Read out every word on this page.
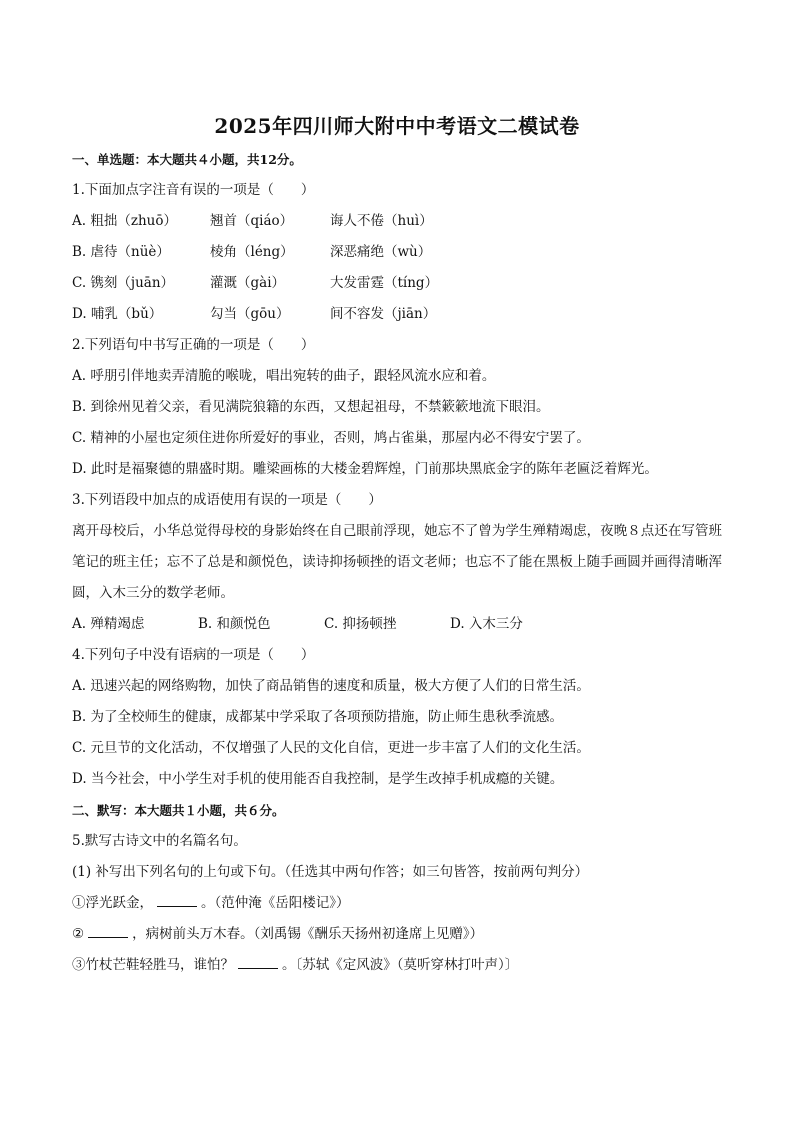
2025年四川师大附中中考语文二模试卷
一、单选题：本大题共４小题，共12分。
1.下面加点字注音有误的一项是（　　）
A. 粗拙（zhuō）	翘首（qiáo）	诲人不倦（huì）
B. 虐待（nüè）	棱角（léng）	深恶痛绝（wù）
C. 镌刻（juān）	灌溉（gài）	大发雷霆（tíng）
D. 哺乳（bǔ）	勾当（gōu）	间不容发（jiān）
2.下列语句中书写正确的一项是（　　）
A. 呼朋引伴地卖弄清脆的喉咙，唱出宛转的曲子，跟轻风流水应和着。
B. 到徐州见着父亲，看见满院狼籍的东西，又想起祖母，不禁簌簌地流下眼泪。
C. 精神的小屋也定须住进你所爱好的事业，否则，鸠占雀巢，那屋内必不得安宁罢了。
D. 此时是福聚德的鼎盛时期。雕梁画栋的大楼金碧辉煌，门前那块黑底金字的陈年老匾泛着辉光。
3.下列语段中加点的成语使用有误的一项是（　　）
离开母校后，小华总觉得母校的身影始终在自己眼前浮现，她忘不了曾为学生殚精竭虑，夜晚８点还在写管班笔记的班主任；忘不了总是和颜悦色，读诗抑扬顿挫的语文老师；也忘不了能在黑板上随手画圆并画得清晰浑圆，入木三分的数学老师。
A. 殚精竭虑	B. 和颜悦色	C. 抑扬顿挫	D. 入木三分
4.下列句子中没有语病的一项是（　　）
A. 迅速兴起的网络购物，加快了商品销售的速度和质量，极大方便了人们的日常生活。
B. 为了全校师生的健康，成都某中学采取了各项预防措施，防止师生患秋季流感。
C. 元旦节的文化活动，不仅增强了人民的文化自信，更进一步丰富了人们的文化生活。
D. 当今社会，中小学生对手机的使用能否自我控制，是学生改掉手机成瘾的关键。
二、默写：本大题共１小题，共６分。
5.默写古诗文中的名篇名句。
(1) 补写出下列名句的上句或下句。（任选其中两句作答；如三句皆答，按前两句判分）
①浮光跃金，	。（范仲淹《岳阳楼记》）
②	，病树前头万木春。（刘禹锡《酬乐天扬州初逢席上见赠》）
③竹杖芒鞋轻胜马，谁怕？	。〔苏轼《定风波》（莫听穿林打叶声）〕
